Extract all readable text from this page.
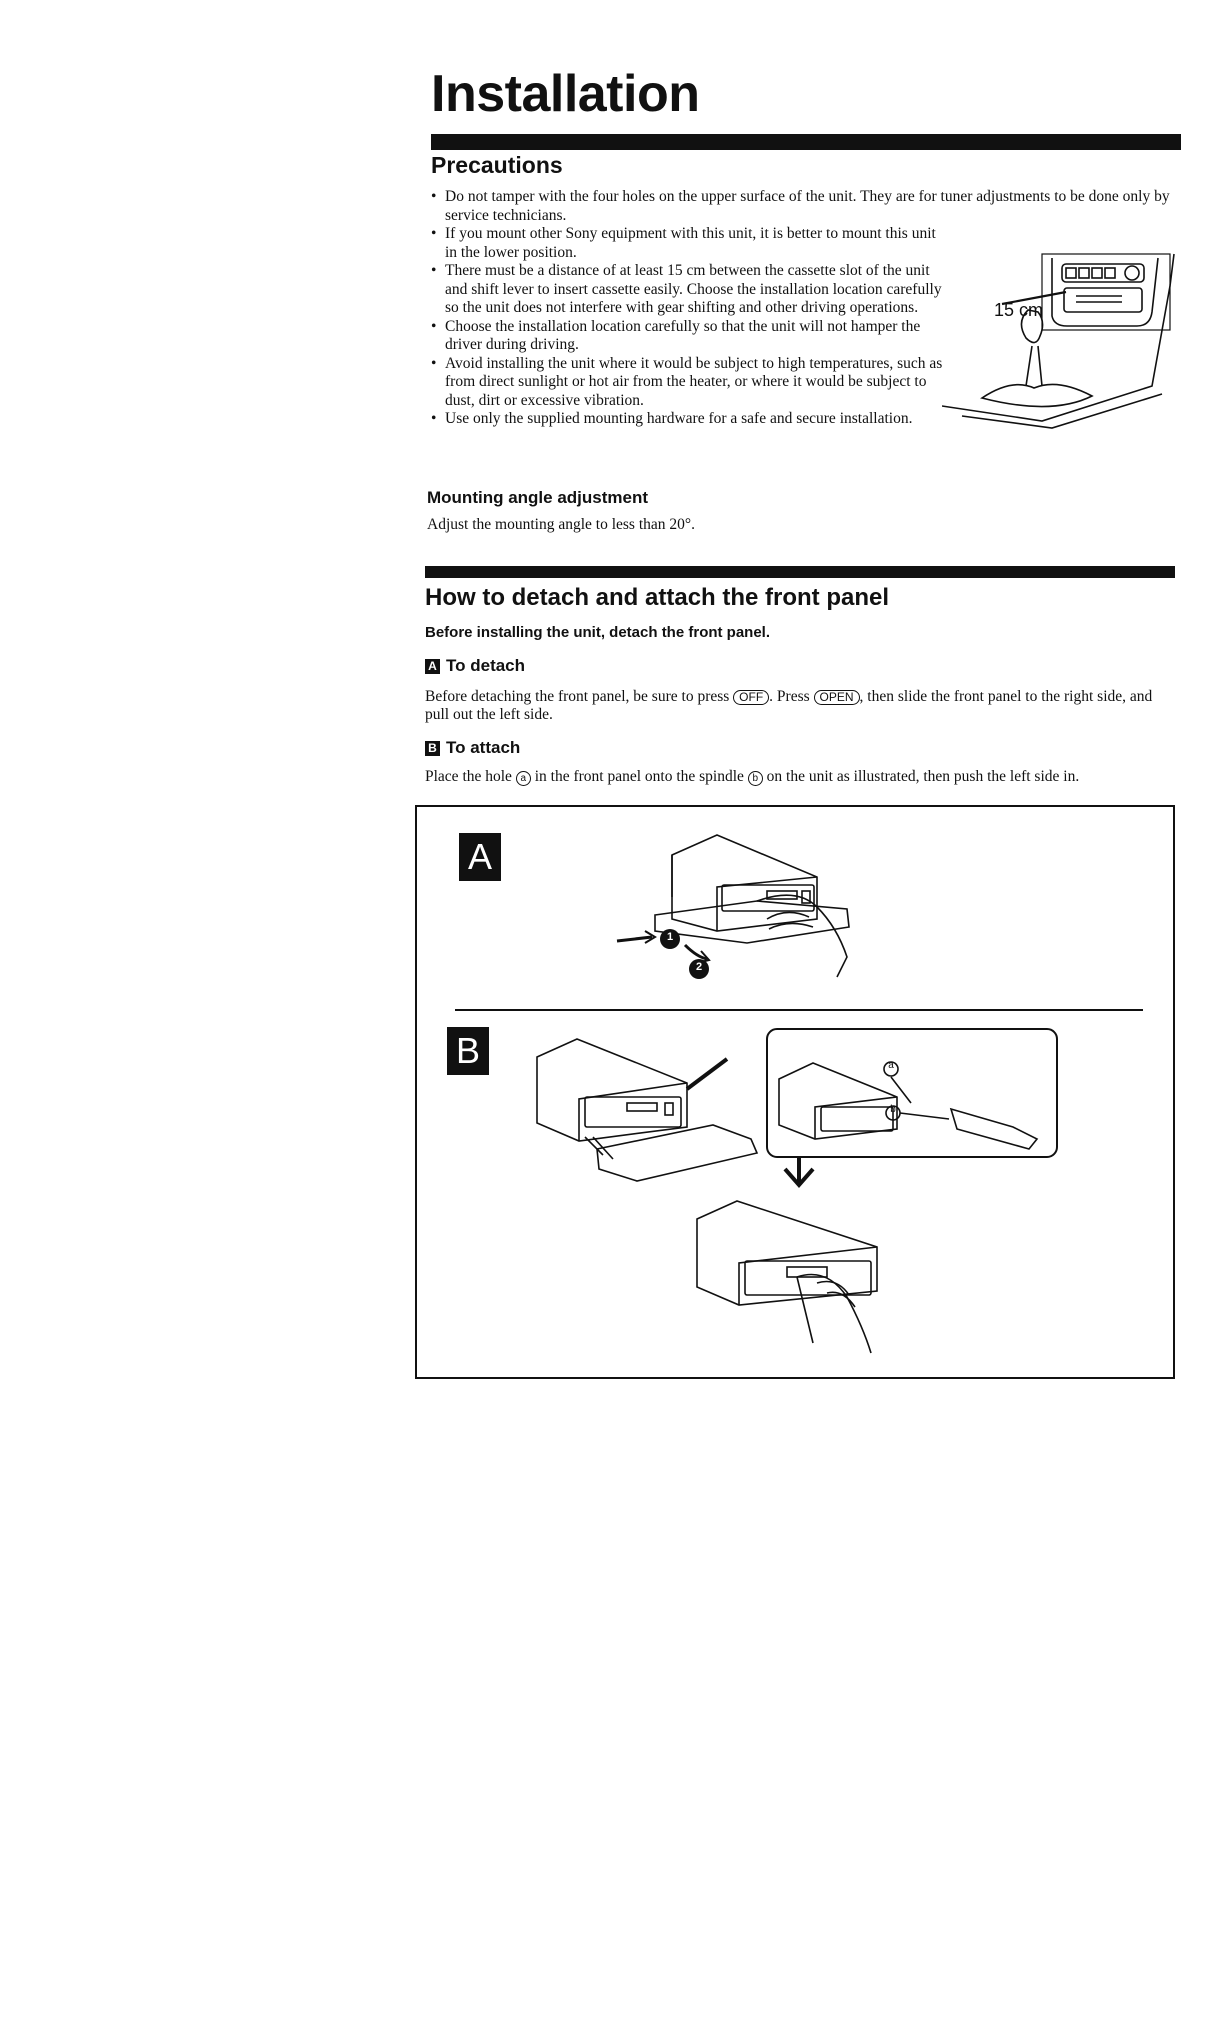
Installation
Precautions
• Do not tamper with the four holes on the upper surface of the unit. They are for tuner adjustments to be done only by service technicians.
• If you mount other Sony equipment with this unit, it is better to mount this unit in the lower position.
• There must be a distance of at least 15 cm between the cassette slot of the unit and shift lever to insert cassette easily. Choose the installation location carefully so the unit does not interfere with gear shifting and other driving operations.
• Choose the installation location carefully so that the unit will not hamper the driver during driving.
• Avoid installing the unit where it would be subject to high temperatures, such as from direct sunlight or hot air from the heater, or where it would be subject to dust, dirt or excessive vibration.
• Use only the supplied mounting hardware for a safe and secure installation.
15 cm
Mounting angle adjustment
Adjust the mounting angle to less than 20°.
How to detach and attach the front panel
Before installing the unit, detach the front panel.
A To detach
Before detaching the front panel, be sure to press OFF . Press OPEN , then slide the front panel to the right side, and pull out the left side.
B To attach
Place the hole a in the front panel onto the spindle b on the unit as illustrated, then push the left side in.
A
B
1
2
a
b
